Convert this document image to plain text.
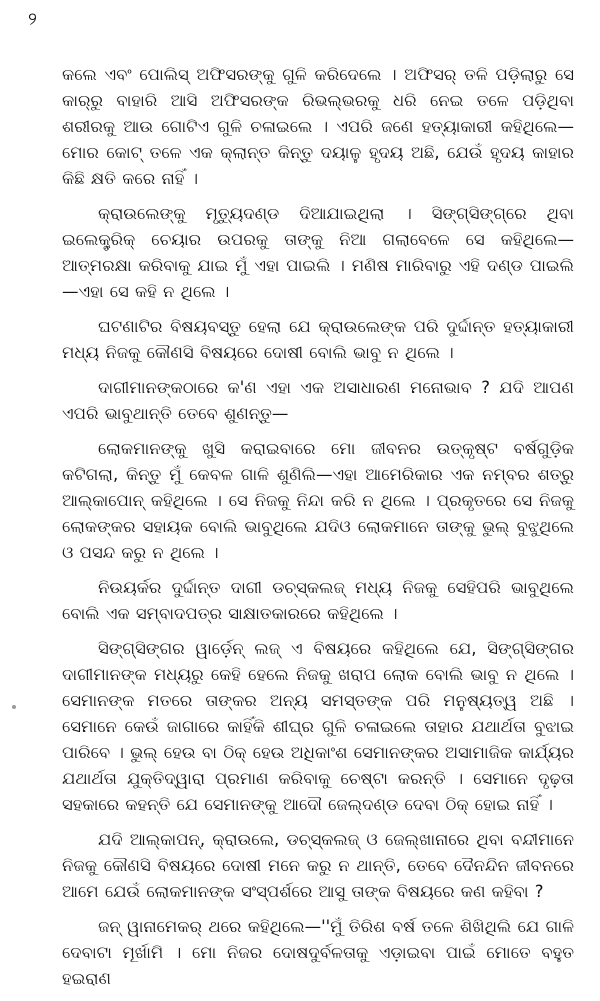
୨

କଲେ ଏବଂ ପୋଲିସ୍ ଅଫିସରଙ୍କୁ ଗୁଳି କରିଦେଲେ । ଅଫିସର୍ ତଳି ପଡ଼ିଲାରୁ ସେ କାର୍‌ରୁ ବାହାରି ଆସି ଅଫିସରଙ୍କ ରିଭଲ୍‌ଭରକୁ ଧରି ନେଇ ତଳେ ପଡ଼ିଥିବା ଶରୀରକୁ ଆଉ ଗୋଟିଏ ଗୁଳି ଚଳାଇଲେ । ଏପରି ଜଣେ ହତ୍ୟାକାରୀ କହିଥିଲେ—ମୋର କୋଟ୍ ତଳେ ଏକ କ୍ଲାନ୍ତ କିନ୍ତୁ ଦୟାଳୁ ହୃଦୟ ଅଛି, ଯେଉଁ ହୃଦୟ କାହାର କିଛି କ୍ଷତି କରେ ନାହିଁ ।

କ୍ରାଉଲେଙ୍କୁ ମୃତ୍ୟୁଦଣ୍ଡ ଦିଆଯାଇଥିଲା । ସିଙ୍ଗ୍‌ସିଙ୍ଗ୍‌ରେ ଥିବା ଇଲେକ୍ଟ୍ରିକ୍ ଚେୟାର ଉପରକୁ ତାଙ୍କୁ ନିଆ ଗଲାବେଳେ ସେ କହିଥିଲେ—ଆତ୍ମରକ୍ଷା କରିବାକୁ ଯାଇ ମୁଁ ଏହା ପାଇଲି । ମଣିଷ ମାରିବାରୁ ଏହି ଦଣ୍ଡ ପାଇଲି—ଏହା ସେ କହି ନ ଥିଲେ ।

ଘଟଣାଟିର ବିଷୟବସ୍ତୁ ହେଲା ଯେ କ୍ରାଉଲେଙ୍କ ପରି ଦୁର୍ଦ୍ଦାନ୍ତ ହତ୍ୟାକାରୀ ମଧ୍ୟ ନିଜକୁ କୌଣସି ବିଷୟରେ ଦୋଷୀ ବୋଲି ଭାବୁ ନ ଥିଲେ ।

ଦାଗୀମାନଙ୍କଠାରେ କ'ଣ ଏହା ଏକ ଅସାଧାରଣ ମନୋଭାବ ? ଯଦି ଆପଣ ଏପରି ଭାବୁଥାନ୍ତି ତେବେ ଶୁଣନ୍ତୁ—

ଲୋକମାନଙ୍କୁ ଖୁସି କରାଇବାରେ ମୋ ଜୀବନର ଉତ୍କୃଷ୍ଟ ବର୍ଷଗୁଡ଼ିକ କଟିଗଲା, କିନ୍ତୁ ମୁଁ କେବଳ ଗାଳି ଶୁଣିଲି—ଏହା ଆମେରିକାର ଏକ ନମ୍ବର ଶତ୍ରୁ ଆଲ୍‌କାପୋନ୍ କହିଥିଲେ । ସେ ନିଜକୁ ନିନ୍ଦା କରି ନ ଥିଲେ । ପ୍ରକୃତରେ ସେ ନିଜକୁ ଲୋକଙ୍କର ସହାୟକ ବୋଲି ଭାବୁଥିଲେ ଯଦିଓ ଲୋକମାନେ ତାଙ୍କୁ ଭୁଲ୍ ବୁଝୁଥିଲେ ଓ ପସନ୍ଦ କରୁ ନ ଥିଲେ ।

ନିଉୟର୍କର ଦୁର୍ଦ୍ଦାନ୍ତ ଦାଗୀ ଡଚ୍‌ସ୍କଲଜ୍ ମଧ୍ୟ ନିଜକୁ ସେହିପରି ଭାବୁଥିଲେ ବୋଲି ଏକ ସମ୍ବାଦପତ୍ର ସାକ୍ଷାତକାରରେ କହିଥିଲେ ।

ସିଙ୍ଗ୍‌ସିଙ୍ଗର ୱାର୍ଡ଼େନ୍ ଲଜ୍ ଏ ବିଷୟରେ କହିଥିଲେ ଯେ, ସିଙ୍ଗ୍‌ସିଙ୍ଗର ଦାଗୀମାନଙ୍କ ମଧ୍ୟରୁ କେହି ହେଲେ ନିଜକୁ ଖରାପ ଲୋକ ବୋଲି ଭାବୁ ନ ଥିଲେ । ସେମାନଙ୍କ ମତରେ ତାଙ୍କର ଅନ୍ୟ ସମସ୍ତଙ୍କ ପରି ମନୁଷ୍ୟତ୍ୱ ଅଛି । ସେମାନେ କେଉଁ ଜାଗାରେ କାହିଁକି ଶୀଘ୍ର ଗୁଳି ଚଳାଇଲେ ତାହାର ଯଥାର୍ଥତା ବୁଝାଇ ପାରିବେ । ଭୁଲ୍ ହେଉ ବା ଠିକ୍ ହେଉ ଅଧିକାଂଶ ସେମାନଙ୍କର ଅସାମାଜିକ କାର୍ଯ୍ୟର ଯଥାର୍ଥତା ଯୁକ୍ତିଦ୍ୱାରା ପ୍ରମାଣ କରିବାକୁ ଚେଷ୍ଟା କରନ୍ତି । ସେମାନେ ଦୃଢ଼ତା ସହକାରେ କହନ୍ତି ଯେ ସେମାନଙ୍କୁ ଆଦୌ ଜେଲ୍‌ଦଣ୍ଡ ଦେବା ଠିକ୍ ହୋଇ ନାହିଁ ।

ଯଦି ଆଲ୍‌କାପନ୍, କ୍ରାଉଲେ, ଡଚ୍‌ସ୍କଲଜ୍ ଓ ଜେଲ୍‌ଖାନାରେ ଥିବା ବନ୍ଦୀମାନେ ନିଜକୁ କୌଣସି ବିଷୟରେ ଦୋଷୀ ମନେ କରୁ ନ ଥାନ୍ତି, ତେବେ ଦୈନନ୍ଦିନ ଜୀବନରେ ଆମେ ଯେଉଁ ଲୋକମାନଙ୍କ ସଂସ୍ପର୍ଶରେ ଆସୁ ତାଙ୍କ ବିଷୟରେ କଣ କହିବା ?

ଜନ୍ ୱାନାମେକର୍ ଥରେ କହିଥିଲେ—''ମୁଁ ତିରିଶ ବର୍ଷ ତଳେ ଶିଖିଥିଲି ଯେ ଗାଳି ଦେବାଟା ମୂର୍ଖାମି । ମୋ ନିଜର ଦୋଷଦୁର୍ବଳତାକୁ ଏଡ଼ାଇବା ପାଇଁ ମୋତେ ବହୁତ ହଇରାଣ
